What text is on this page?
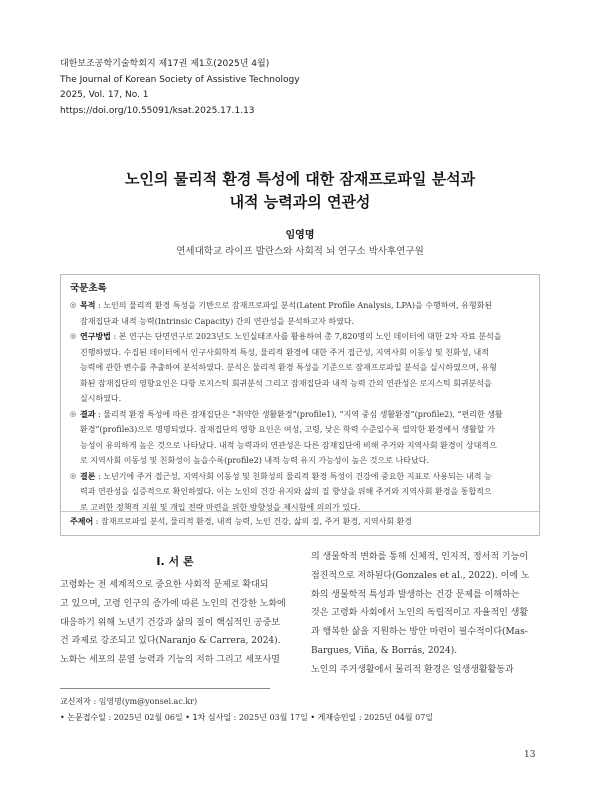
대한보조공학기술학회지 제17권 제1호(2025년 4월)
The Journal of Korean Society of Assistive Technology
2025, Vol. 17, No. 1
https://doi.org/10.55091/ksat.2025.17.1.13
노인의 물리적 환경 특성에 대한 잠재프로파일 분석과
내적 능력과의 연관성
임영명
연세대학교 라이프 발란스와 사회적 뇌 연구소 박사후연구원
국문초록
◎ 목적 : 노인의 물리적 환경 특성을 기반으로 잠재프로파일 분석(Latent Profile Analysis, LPA)을 수행하여, 유형화된
잠재집단과 내적 능력(Intrinsic Capacity) 간의 연관성을 분석하고자 하였다.
◎ 연구방법 : 본 연구는 단면연구로 2023년도 노인실태조사를 활용하여 총 7,820명의 노인 데이터에 대한 2차 자료 분석을
진행하였다. 수집된 데이터에서 인구사회학적 특성, 물리적 환경에 대한 주거 접근성, 지역사회 이동성 및 친화성, 내적
능력에 관한 변수를 추출하여 분석하였다. 분석은 물리적 환경 특성을 기준으로 잠재프로파일 분석을 실시하였으며, 유형
화된 잠재집단의 영향요인은 다항 로지스틱 회귀분석 그리고 잠재집단과 내적 능력 간의 연관성은 로지스틱 회귀분석을
실시하였다.
◎ 결과 : 물리적 환경 특성에 따른 잠재집단은 “취약한 생활환경”(profile1), “지역 중심 생활환경”(profile2), “편리한 생활
환경”(profile3)으로 명명되었다. 잠재집단의 영향 요인은 여성, 고령, 낮은 학력 수준일수록 열악한 환경에서 생활할 가
능성이 유의하게 높은 것으로 나타났다. 내적 능력과의 연관성은 다른 잠재집단에 비해 주거와 지역사회 환경이 상대적으
로 지역사회 이동성 및 친화성이 높을수록(profile2) 내적 능력 유지 가능성이 높은 것으로 나타났다.
◎ 결론 : 노년기에 주거 접근성, 지역사회 이동성 및 친화성의 물리적 환경 특성이 건강에 중요한 지표로 사용되는 내적 능
력과 연관성을 실증적으로 확인하였다. 이는 노인의 건강 유지와 삶의 질 향상을 위해 주거와 지역사회 환경을 통합적으
로 고려한 정책적 지원 및 개입 전략 마련을 위한 방향성을 제시함에 의의가 있다.
주제어 : 잠재프로파일 분석, 물리적 환경, 내적 능력, 노인 건강, 삶의 질, 주거 환경, 지역사회 환경
I. 서 론
고령화는 전 세계적으로 중요한 사회적 문제로 확대되
고 있으며, 고령 인구의 증가에 따른 노인의 건강한 노화에
대응하기 위해 노년기 건강과 삶의 질이 핵심적인 공중보
건 과제로 강조되고 있다(Naranjo & Carrera, 2024).
노화는 세포의 분열 능력과 기능의 저하 그리고 세포사멸
의 생물학적 변화를 통해 신체적, 인지적, 정서적 기능이
점진적으로 저하된다(Gonzales et al., 2022). 이에 노
화의 생물학적 특성과 발생하는 건강 문제를 이해하는
것은 고령화 사회에서 노인의 독립적이고 자율적인 생활
과 행복한 삶을 지원하는 방안 마련이 필수적이다(Mas-
Bargues, Viña, & Borrás, 2024).
노인의 주거생활에서 물리적 환경은 일생생활활동과
교신저자 : 임영명(ym@yonsei.ac.kr)
• 논문접수일 : 2025년 02월 06일 • 1차 심사일 : 2025년 03월 17일 • 게재승인일 : 2025년 04월 07일
13
